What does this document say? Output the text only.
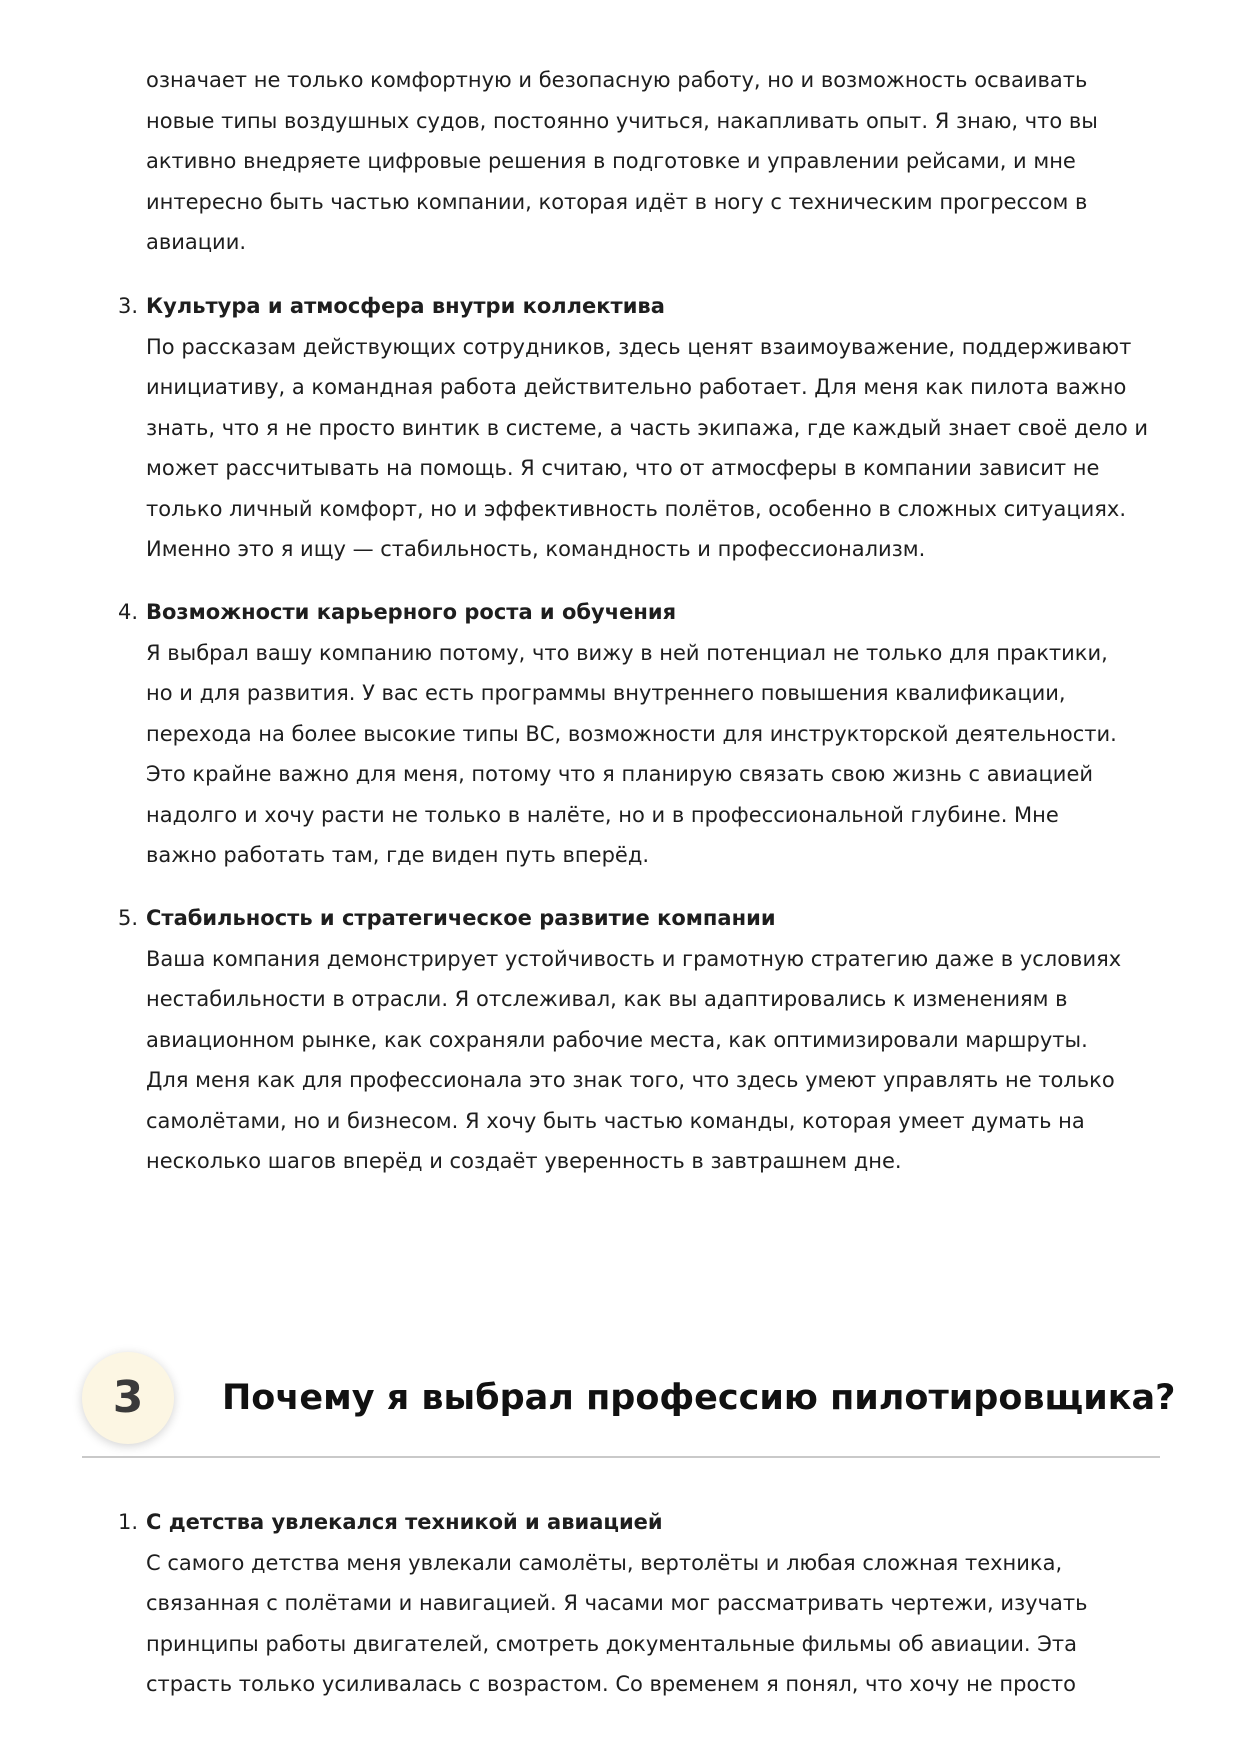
означает не только комфортную и безопасную работу, но и возможность осваивать
новые типы воздушных судов, постоянно учиться, накапливать опыт. Я знаю, что вы
активно внедряете цифровые решения в подготовке и управлении рейсами, и мне
интересно быть частью компании, которая идёт в ногу с техническим прогрессом в
авиации.
3. Культура и атмосфера внутри коллектива
По рассказам действующих сотрудников, здесь ценят взаимоуважение, поддерживают
инициативу, а командная работа действительно работает. Для меня как пилота важно
знать, что я не просто винтик в системе, а часть экипажа, где каждый знает своё дело и
может рассчитывать на помощь. Я считаю, что от атмосферы в компании зависит не
только личный комфорт, но и эффективность полётов, особенно в сложных ситуациях.
Именно это я ищу — стабильность, командность и профессионализм.
4. Возможности карьерного роста и обучения
Я выбрал вашу компанию потому, что вижу в ней потенциал не только для практики,
но и для развития. У вас есть программы внутреннего повышения квалификации,
перехода на более высокие типы ВС, возможности для инструкторской деятельности.
Это крайне важно для меня, потому что я планирую связать свою жизнь с авиацией
надолго и хочу расти не только в налёте, но и в профессиональной глубине. Мне
важно работать там, где виден путь вперёд.
5. Стабильность и стратегическое развитие компании
Ваша компания демонстрирует устойчивость и грамотную стратегию даже в условиях
нестабильности в отрасли. Я отслеживал, как вы адаптировались к изменениям в
авиационном рынке, как сохраняли рабочие места, как оптимизировали маршруты.
Для меня как для профессионала это знак того, что здесь умеют управлять не только
самолётами, но и бизнесом. Я хочу быть частью команды, которая умеет думать на
несколько шагов вперёд и создаёт уверенность в завтрашнем дне.
3	Почему я выбрал профессию пилотировщика?
1. С детства увлекался техникой и авиацией
С самого детства меня увлекали самолёты, вертолёты и любая сложная техника,
связанная с полётами и навигацией. Я часами мог рассматривать чертежи, изучать
принципы работы двигателей, смотреть документальные фильмы об авиации. Эта
страсть только усиливалась с возрастом. Со временем я понял, что хочу не просто
